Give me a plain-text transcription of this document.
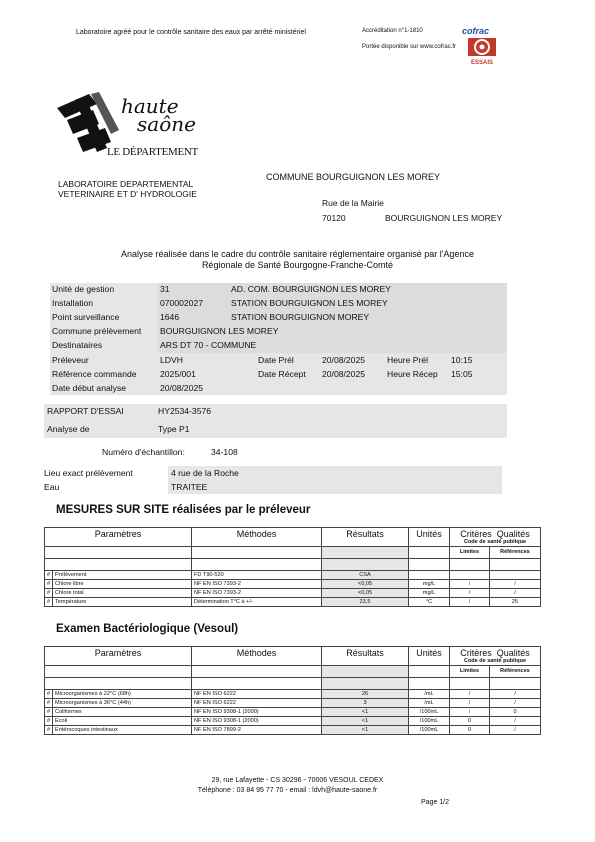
Laboratoire agréé pour le contrôle sanitaire des eaux par arrêté ministériel	Accréditation n°1-1810
Portée disponible sur www.cofrac.fr
cofrac
ESSAIS
haute
saône
LE DÉPARTEMENT
LABORATOIRE DEPARTEMENTAL
VETERINAIRE ET D' HYDROLOGIE
COMMUNE BOURGUIGNON LES MOREY
Rue de la Mairie
70120	BOURGUIGNON LES MOREY
Analyse réalisée dans le cadre du contrôle sanitaire réglementaire organisé par l'Agence
Régionale de Santé Bourgogne-Franche-Comté
Unité de gestion	31	AD. COM. BOURGUIGNON LES MOREY
Installation	070002027	STATION BOURGUIGNON LES MOREY
Point surveillance	1646	STATION BOURGUIGNON MOREY
Commune prélèvement BOURGUIGNON LES MOREY
Destinataires	ARS DT 70 - COMMUNE
Préleveur	LDVH	Date Prél	20/08/2025	Heure Prél	10:15
Référence commande	2025/001	Date Récept 20/08/2025	Heure Récep 15:05
Date début analyse	20/08/2025
RAPPORT D'ESSAI	HY2534-3576
Analyse de	Type P1
Numéro d'échantillon:	34-108
Lieu exact prélèvement	4 rue de la Roche
Eau	TRAITEE
MESURES SUR SITE réalisées par le préleveur
Paramètres		Méthodes	Résultats	Unités	Critères Qualités
Code de santé publique	

					Limites	Références

#	Prélèvement	FD T90-520	CSA			
#	Chlore libre	NF EN ISO 7393-2	<0,05	mg/L	/	/
#	Chlore total	NF EN ISO 7393-2	<0,05	mg/L	/	/
#	Température	Détermination T°C à +/-	23,5	°C	/	25
Examen Bactériologique (Vesoul)
Paramètres		Méthodes	Résultats	Unités	Critères Qualités
Code de santé publique	

					Limites	Références

#	Microorganismes à 22°C (68h)	NF EN ISO 6222	26	/mL	/	/
#	Microorganismes à 36°C (44h)	NF EN ISO 6222	3	/mL	/	/
#	Coliformes	NF EN ISO 9308-1 (2000)	<1	/100mL	/	0
#	Ecoli	NF EN ISO 9308-1 (2000)	<1	/100mL	0	/
#	Entérocoques intestinaux	NF EN ISO 7899-2	<1	/100mL	0	/
29, rue Lafayette - CS 30296 - 70006 VESOUL CEDEX
Téléphone : 03 84 95 77 70 - email : ldvh@haute-saone.fr
Page 1/2
